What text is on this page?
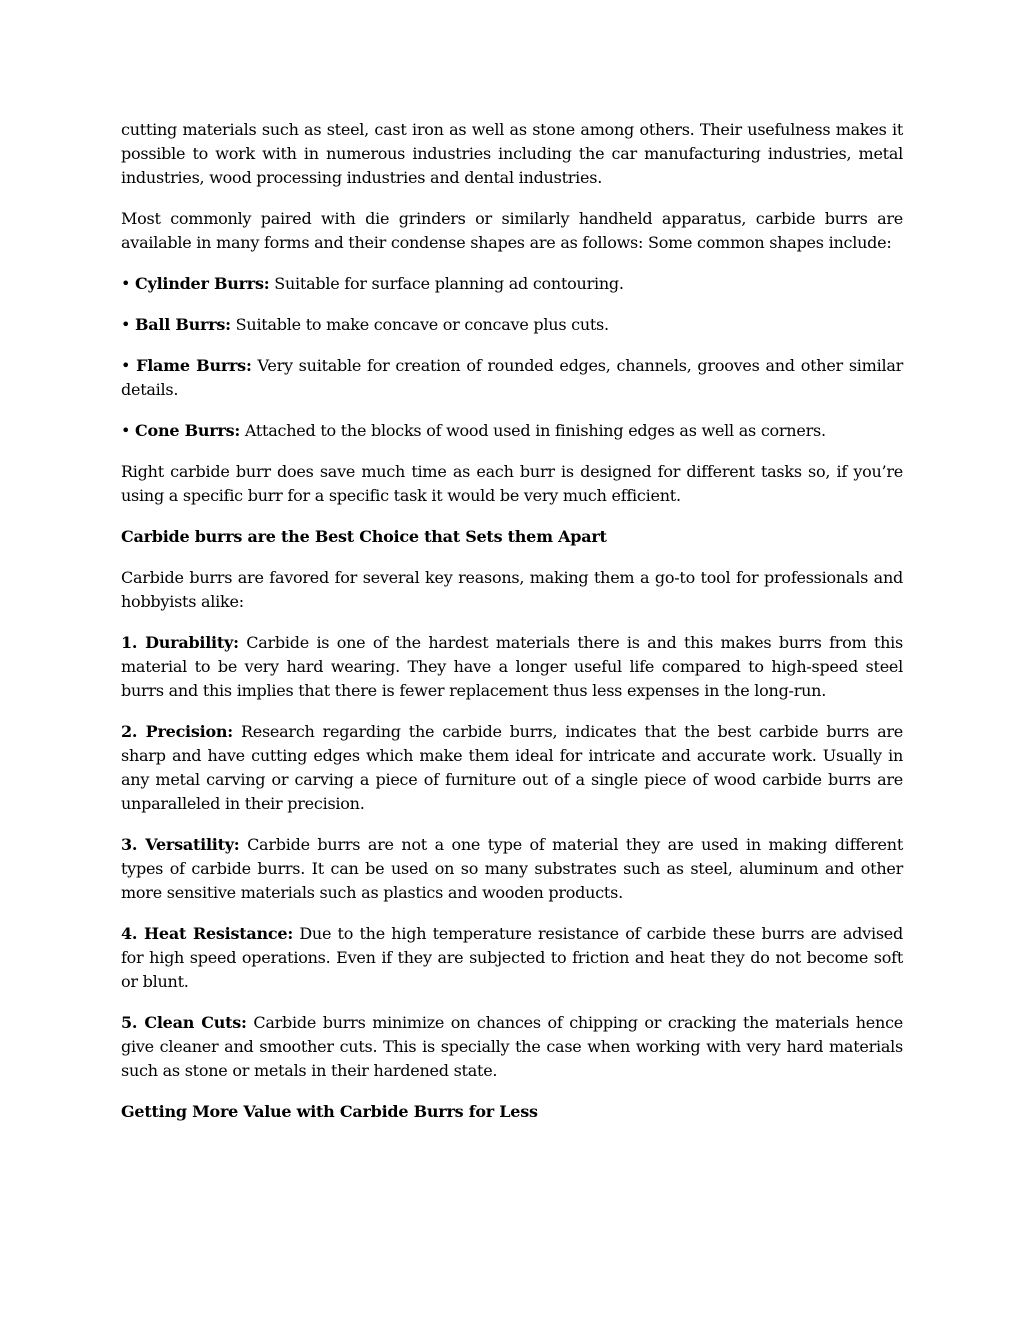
cutting materials such as steel, cast iron as well as stone among others. Their usefulness makes it possible to work with in numerous industries including the car manufacturing industries, metal industries, wood processing industries and dental industries.

Most commonly paired with die grinders or similarly handheld apparatus, carbide burrs are available in many forms and their condense shapes are as follows: Some common shapes include:

• Cylinder Burrs: Suitable for surface planning ad contouring.

• Ball Burrs: Suitable to make concave or concave plus cuts.

• Flame Burrs: Very suitable for creation of rounded edges, channels, grooves and other similar details.

• Cone Burrs: Attached to the blocks of wood used in finishing edges as well as corners.

Right carbide burr does save much time as each burr is designed for different tasks so, if you’re using a specific burr for a specific task it would be very much efficient.

Carbide burrs are the Best Choice that Sets them Apart

Carbide burrs are favored for several key reasons, making them a go-to tool for professionals and hobbyists alike:

1. Durability: Carbide is one of the hardest materials there is and this makes burrs from this material to be very hard wearing. They have a longer useful life compared to high-speed steel burrs and this implies that there is fewer replacement thus less expenses in the long-run.

2. Precision: Research regarding the carbide burrs, indicates that the best carbide burrs are sharp and have cutting edges which make them ideal for intricate and accurate work. Usually in any metal carving or carving a piece of furniture out of a single piece of wood carbide burrs are unparalleled in their precision.

3. Versatility: Carbide burrs are not a one type of material they are used in making different types of carbide burrs. It can be used on so many substrates such as steel, aluminum and other more sensitive materials such as plastics and wooden products.

4. Heat Resistance: Due to the high temperature resistance of carbide these burrs are advised for high speed operations. Even if they are subjected to friction and heat they do not become soft or blunt.

5. Clean Cuts: Carbide burrs minimize on chances of chipping or cracking the materials hence give cleaner and smoother cuts. This is specially the case when working with very hard materials such as stone or metals in their hardened state.

Getting More Value with Carbide Burrs for Less
